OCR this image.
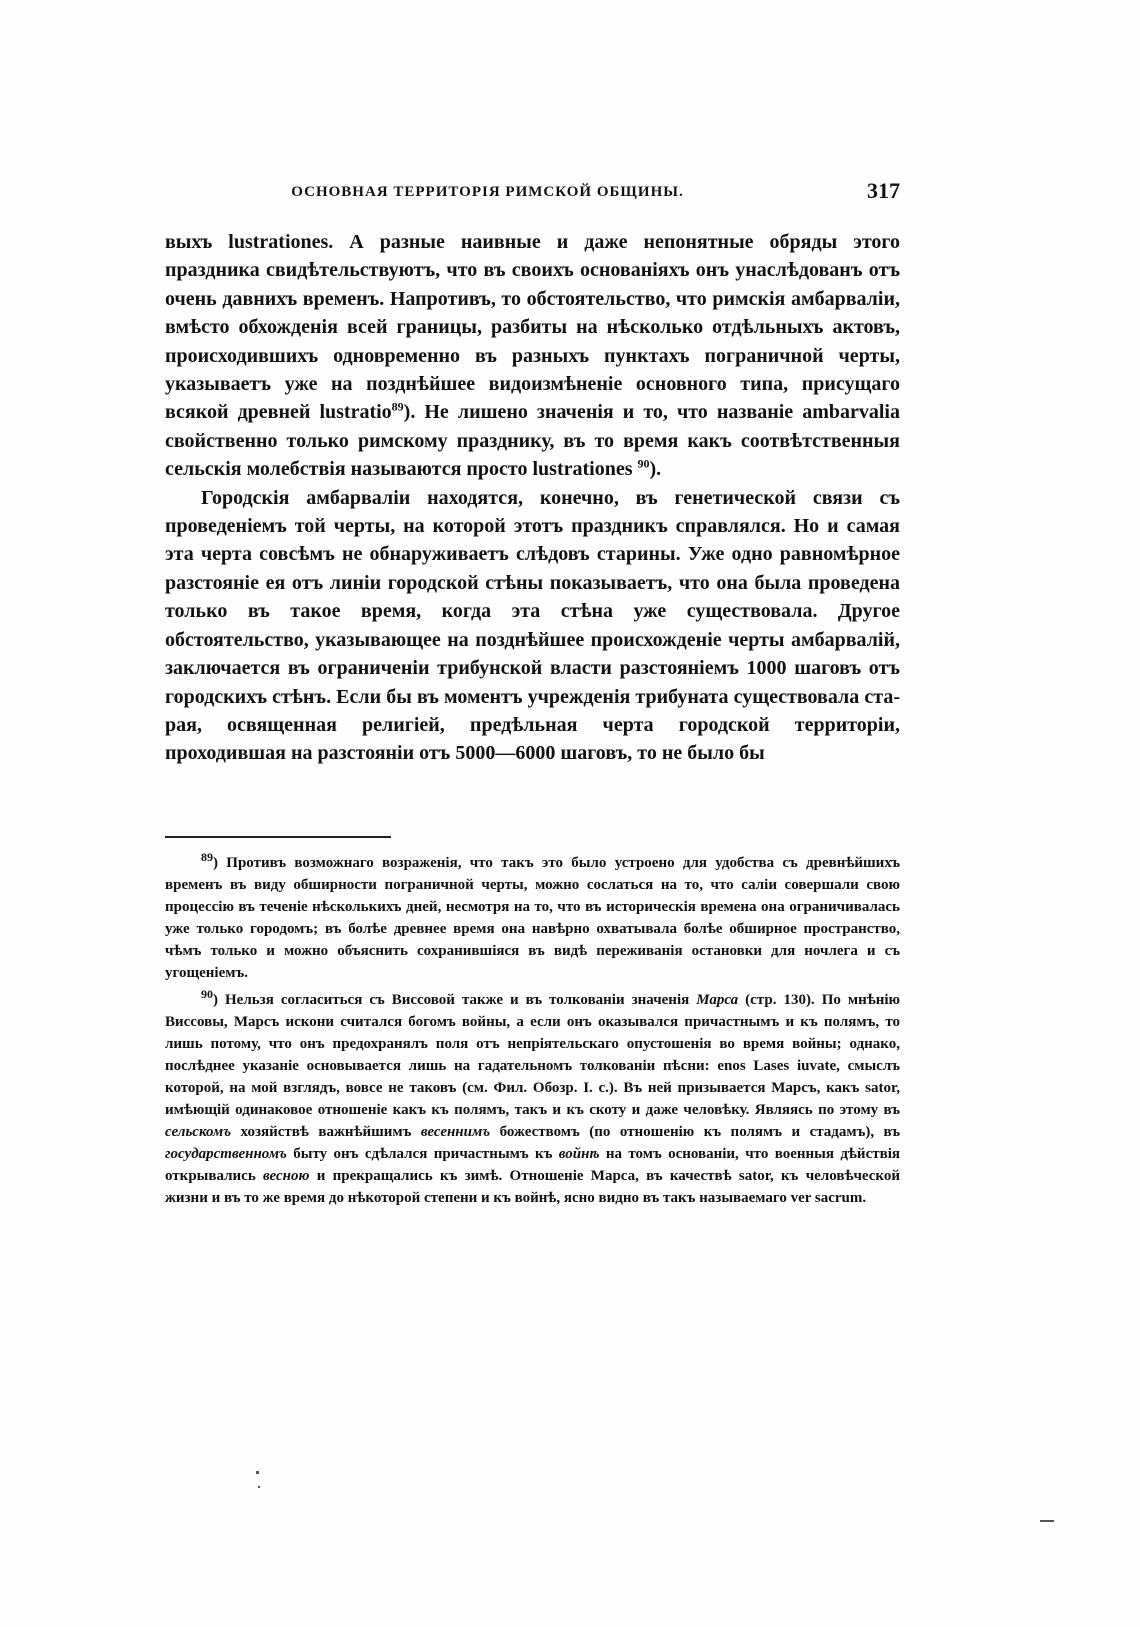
ОСНОВНАЯ ТЕРРИТОРІЯ РИМСКОЙ ОБЩИНЫ.	317

выхъ lustrationes. А разные наивные и даже непонятные обряды этого праздника свидѣтельствуютъ, что въ своихъ основаніяхъ онъ унаслѣдованъ отъ очень давнихъ временъ. Напротивъ, то обстоятельство, что римскія амбарваліи, вмѣсто обхожденія всей границы, разбиты на нѣсколько отдѣльныхъ актовъ, происходившихъ одновременно въ разныхъ пунктахъ пограничной черты, указываетъ уже на позднѣйшее видоизмѣненіе основного типа, присущаго всякой древней lustratio$^{89}$). Не лишено значенія и то, что названіе ambarvalia свойственно только римскому празднику, въ то время какъ соотвѣтственныя сельскія молебствія называются просто lustrationes $^{90}$).

Городскія амбарваліи находятся, конечно, въ генетической связи съ проведеніемъ той черты, на которой этотъ праздникъ справлялся. Но и самая эта черта совсѣмъ не обнаруживаетъ слѣдовъ старины. Уже одно равномѣрное разстояніе ея отъ линіи городской стѣны показываетъ, что она была проведена только въ такое время, когда эта стѣна уже существовала. Другое обстоятельство, указывающее на позднѣйшее происхожденіе черты амбарвалій, заключается въ ограниченіи трибунской власти разстояніемъ 1000 шаговъ отъ городскихъ стѣнъ. Если бы въ моментъ учрежденія трибуната существовала старая, освященная религіей, предѣльная черта городской территоріи, проходившая на разстояніи отъ 5000—6000 шаговъ, то не было бы

$^{89}$) Противъ возможнаго возраженія, что такъ это было устроено для удобства съ древнѣйшихъ временъ въ виду обширности пограничной черты, можно сослаться на то, что саліи совершали свою процессію въ теченіе нѣсколькихъ дней, несмотря на то, что въ историческія времена она ограничивалась уже только городомъ; въ болѣе древнее время она навѣрно охватывала болѣе обширное пространство, чѣмъ только и можно объяснить сохранившіяся въ видѣ переживанія остановки для ночлега и съ угощеніемъ.

$^{90}$) Нельзя согласиться съ Виссовой также и въ толкованіи значенія Марса (стр. 130). По мнѣнію Виссовы, Марсъ искони считался богомъ войны, а если онъ оказывался причастнымъ и къ полямъ, то лишь потому, что онъ предохранялъ поля отъ непріятельскаго опустошенія во время войны; однако, послѣднее указаніе основывается лишь на гадательномъ толкованіи пѣсни: enos Lases iuvate, смыслъ которой, на мой взглядъ, вовсе не таковъ (см. Фил. Обозр. I. c.). Въ ней призывается Марсъ, какъ sator, имѣющій одинаковое отношеніе какъ къ полямъ, такъ и къ скоту и даже человѣку. Являясь по этому въ сельскомъ хозяйствѣ важнѣйшимъ весеннимъ божествомъ (по отношенію къ полямъ и стадамъ), въ государственномъ быту онъ сдѣлался причастнымъ къ войнѣ на томъ основаніи, что военныя дѣйствія открывались весною и прекращались къ зимѣ. Отношеніе Марса, въ качествѣ sator, къ человѣческой жизни и въ то же время до нѣкоторой степени и къ войнѣ, ясно видно въ такъ называемаго ver sacrum.
